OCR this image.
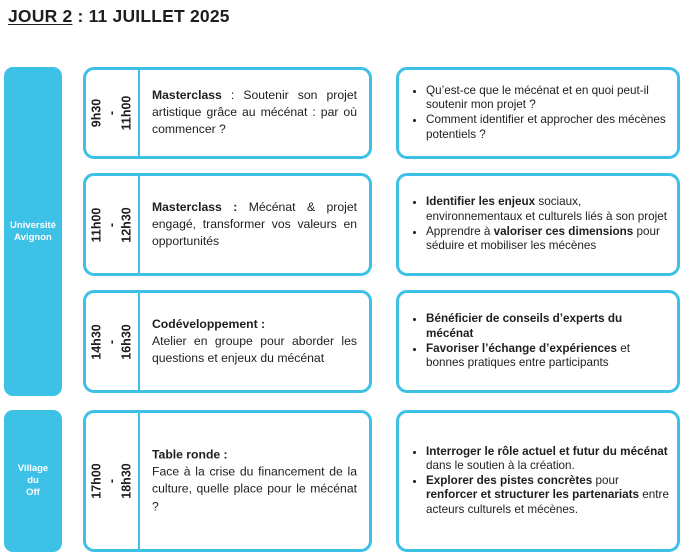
JOUR 2 : 11 JUILLET 2025
Université
Avignon
Village
du
Off
9h30 -
11h00
Masterclass : Soutenir son projet artistique grâce au mécénat : par où commencer ?
• Qu’est-ce que le mécénat et en quoi peut-il soutenir mon projet ?
• Comment identifier et approcher des mécènes potentiels ?
11h00 -
12h30
Masterclass : Mécénat & projet engagé, transformer vos valeurs en opportunités
• Identifier les enjeux sociaux, environnementaux et culturels liés à son projet
• Apprendre à valoriser ces dimensions pour séduire et mobiliser les mécènes
14h30 -
16h30
Codéveloppement :
Atelier en groupe pour aborder les questions et enjeux du mécénat
• Bénéficier de conseils d’experts du mécénat
• Favoriser l’échange d’expériences et bonnes pratiques entre participants
17h00 -
18h30
Table ronde :
Face à la crise du financement de la culture, quelle place pour le mécénat ?
• Interroger le rôle actuel et futur du mécénat dans le soutien à la création.
• Explorer des pistes concrètes pour renforcer et structurer les partenariats entre acteurs culturels et mécènes.
